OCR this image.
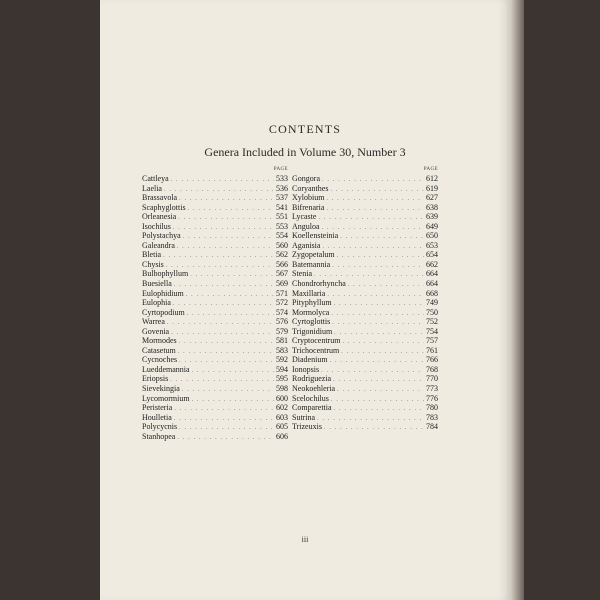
CONTENTS
Genera Included in Volume 30, Number 3
PAGE
Cattleya . . .	533
Laelia . . .	536
Brassavola . . .	537
Scaphyglottis . . .	541
Orleanesia . . .	551
Isochilus . . .	553
Polystachya . . .	554
Galeandra . . .	560
Bletia . . .	562
Chysis . . .	566
Bulbophyllum . . .	567
Buesiella . . .	569
Eulophidium . . .	571
Eulophia . . .	572
Cyrtopodium . . .	574
Warrea . . .	576
Govenia . . .	579
Mormodes . . .	581
Catasetum . . .	583
Cycnoches . . .	592
Lueddemannia . . .	594
Eriopsis . . .	595
Sievekingia . . .	598
Lycomormium . . .	600
Peristeria . . .	602
Houlletia . . .	603
Polycycnis . . .	605
Stanhopea . . .	606
PAGE
Gongora . . .	612
Coryanthes . . .	619
Xylobium . . .	627
Bifrenaria . . .	638
Lycaste . . .	639
Anguloa . . .	649
Koellensteinia . . .	650
Aganisia . . .	653
Zygopetalum . . .	654
Batemannia . . .	662
Stenia . . .	664
Chondrorhyncha . . .	664
Maxillaria . . .	668
Pityphyllum . . .	749
Mormolyca . . .	750
Cyrtoglottis . . .	752
Trigonidium . . .	754
Cryptocentrum . . .	757
Trichocentrum . . .	761
Diadenium . . .	766
Ionopsis . . .	768
Rodriguezia . . .	770
Neokoehleria . . .	773
Scelochilus . . .	776
Comparettia . . .	780
Sutrina . . .	783
Trizeuxis . . .	784
iii
